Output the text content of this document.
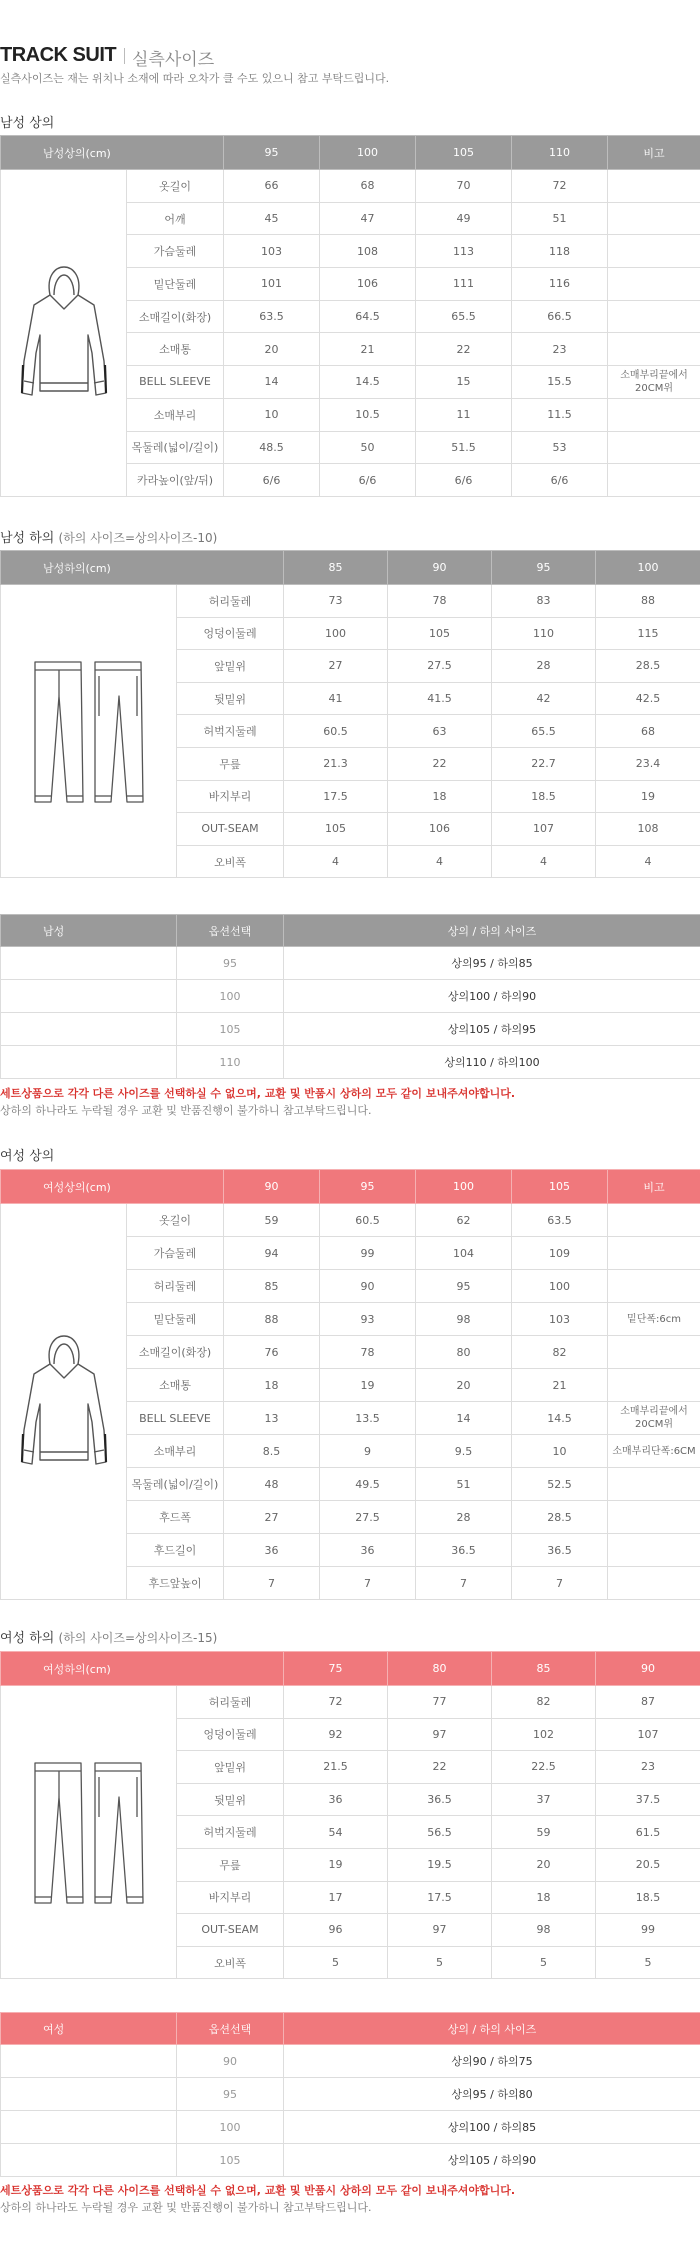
TRACK SUIT 실측사이즈
실측사이즈는 재는 위치나 소재에 따라 오차가 클 수도 있으니 참고 부탁드립니다.
남성 상의
남성상의(cm)		95	100	105	110	비고

	옷길이	66	68	70	72	
	어깨	45	47	49	51	
	가슴둘레	103	108	113	118	
	밑단둘레	101	106	111	116	
	소매길이(화장)	63.5	64.5	65.5	66.5	
	소매통	20	21	22	23	
	BELL SLEEVE	14	14.5	15	15.5	소매부리끝에서 20CM위
	소매부리	10	10.5	11	11.5	
	목둘레(넓이/길이)	48.5	50	51.5	53	
	카라높이(앞/뒤)	6/6	6/6	6/6	6/6	
남성 하의 (하의 사이즈=상의사이즈-10)
남성하의(cm)		85	90	95	100

	허리둘레	73	78	83	88
	엉덩이둘레	100	105	110	115
	앞밑위	27	27.5	28	28.5
	뒷밑위	41	41.5	42	42.5
	허벅지둘레	60.5	63	65.5	68
	무릎	21.3	22	22.7	23.4
	바지부리	17.5	18	18.5	19
	OUT-SEAM	105	106	107	108
	오비폭	4	4	4	4
남성	옵션선택	상의 / 하의 사이즈
	95	상의95 / 하의85
	100	상의100 / 하의90
	105	상의105 / 하의95
	110	상의110 / 하의100
세트상품으로 각각 다른 사이즈를 선택하실 수 없으며, 교환 및 반품시 상하의 모두 같이 보내주셔야합니다.
상하의 하나라도 누락될 경우 교환 및 반품진행이 불가하니 참고부탁드립니다.
여성 상의
여성상의(cm)		90	95	100	105	비고

	옷길이	59	60.5	62	63.5	
	가슴둘레	94	99	104	109	
	허리둘레	85	90	95	100	
	밑단둘레	88	93	98	103	밑단폭:6cm
	소매길이(화장)	76	78	80	82	
	소매통	18	19	20	21	
	BELL SLEEVE	13	13.5	14	14.5	소매부리끝에서 20CM위
	소매부리	8.5	9	9.5	10	소매부리단폭:6CM
	목둘레(넓이/길이)	48	49.5	51	52.5	
	후드폭	27	27.5	28	28.5	
	후드길이	36	36	36.5	36.5	
	후드앞높이	7	7	7	7	
여성 하의 (하의 사이즈=상의사이즈-15)
여성하의(cm)		75	80	85	90

	허리둘레	72	77	82	87
	엉덩이둘레	92	97	102	107
	앞밑위	21.5	22	22.5	23
	뒷밑위	36	36.5	37	37.5
	허벅지둘레	54	56.5	59	61.5
	무릎	19	19.5	20	20.5
	바지부리	17	17.5	18	18.5
	OUT-SEAM	96	97	98	99
	오비폭	5	5	5	5
여성	옵션선택	상의 / 하의 사이즈
	90	상의90 / 하의75
	95	상의95 / 하의80
	100	상의100 / 하의85
	105	상의105 / 하의90
세트상품으로 각각 다른 사이즈를 선택하실 수 없으며, 교환 및 반품시 상하의 모두 같이 보내주셔야합니다.
상하의 하나라도 누락될 경우 교환 및 반품진행이 불가하니 참고부탁드립니다.
